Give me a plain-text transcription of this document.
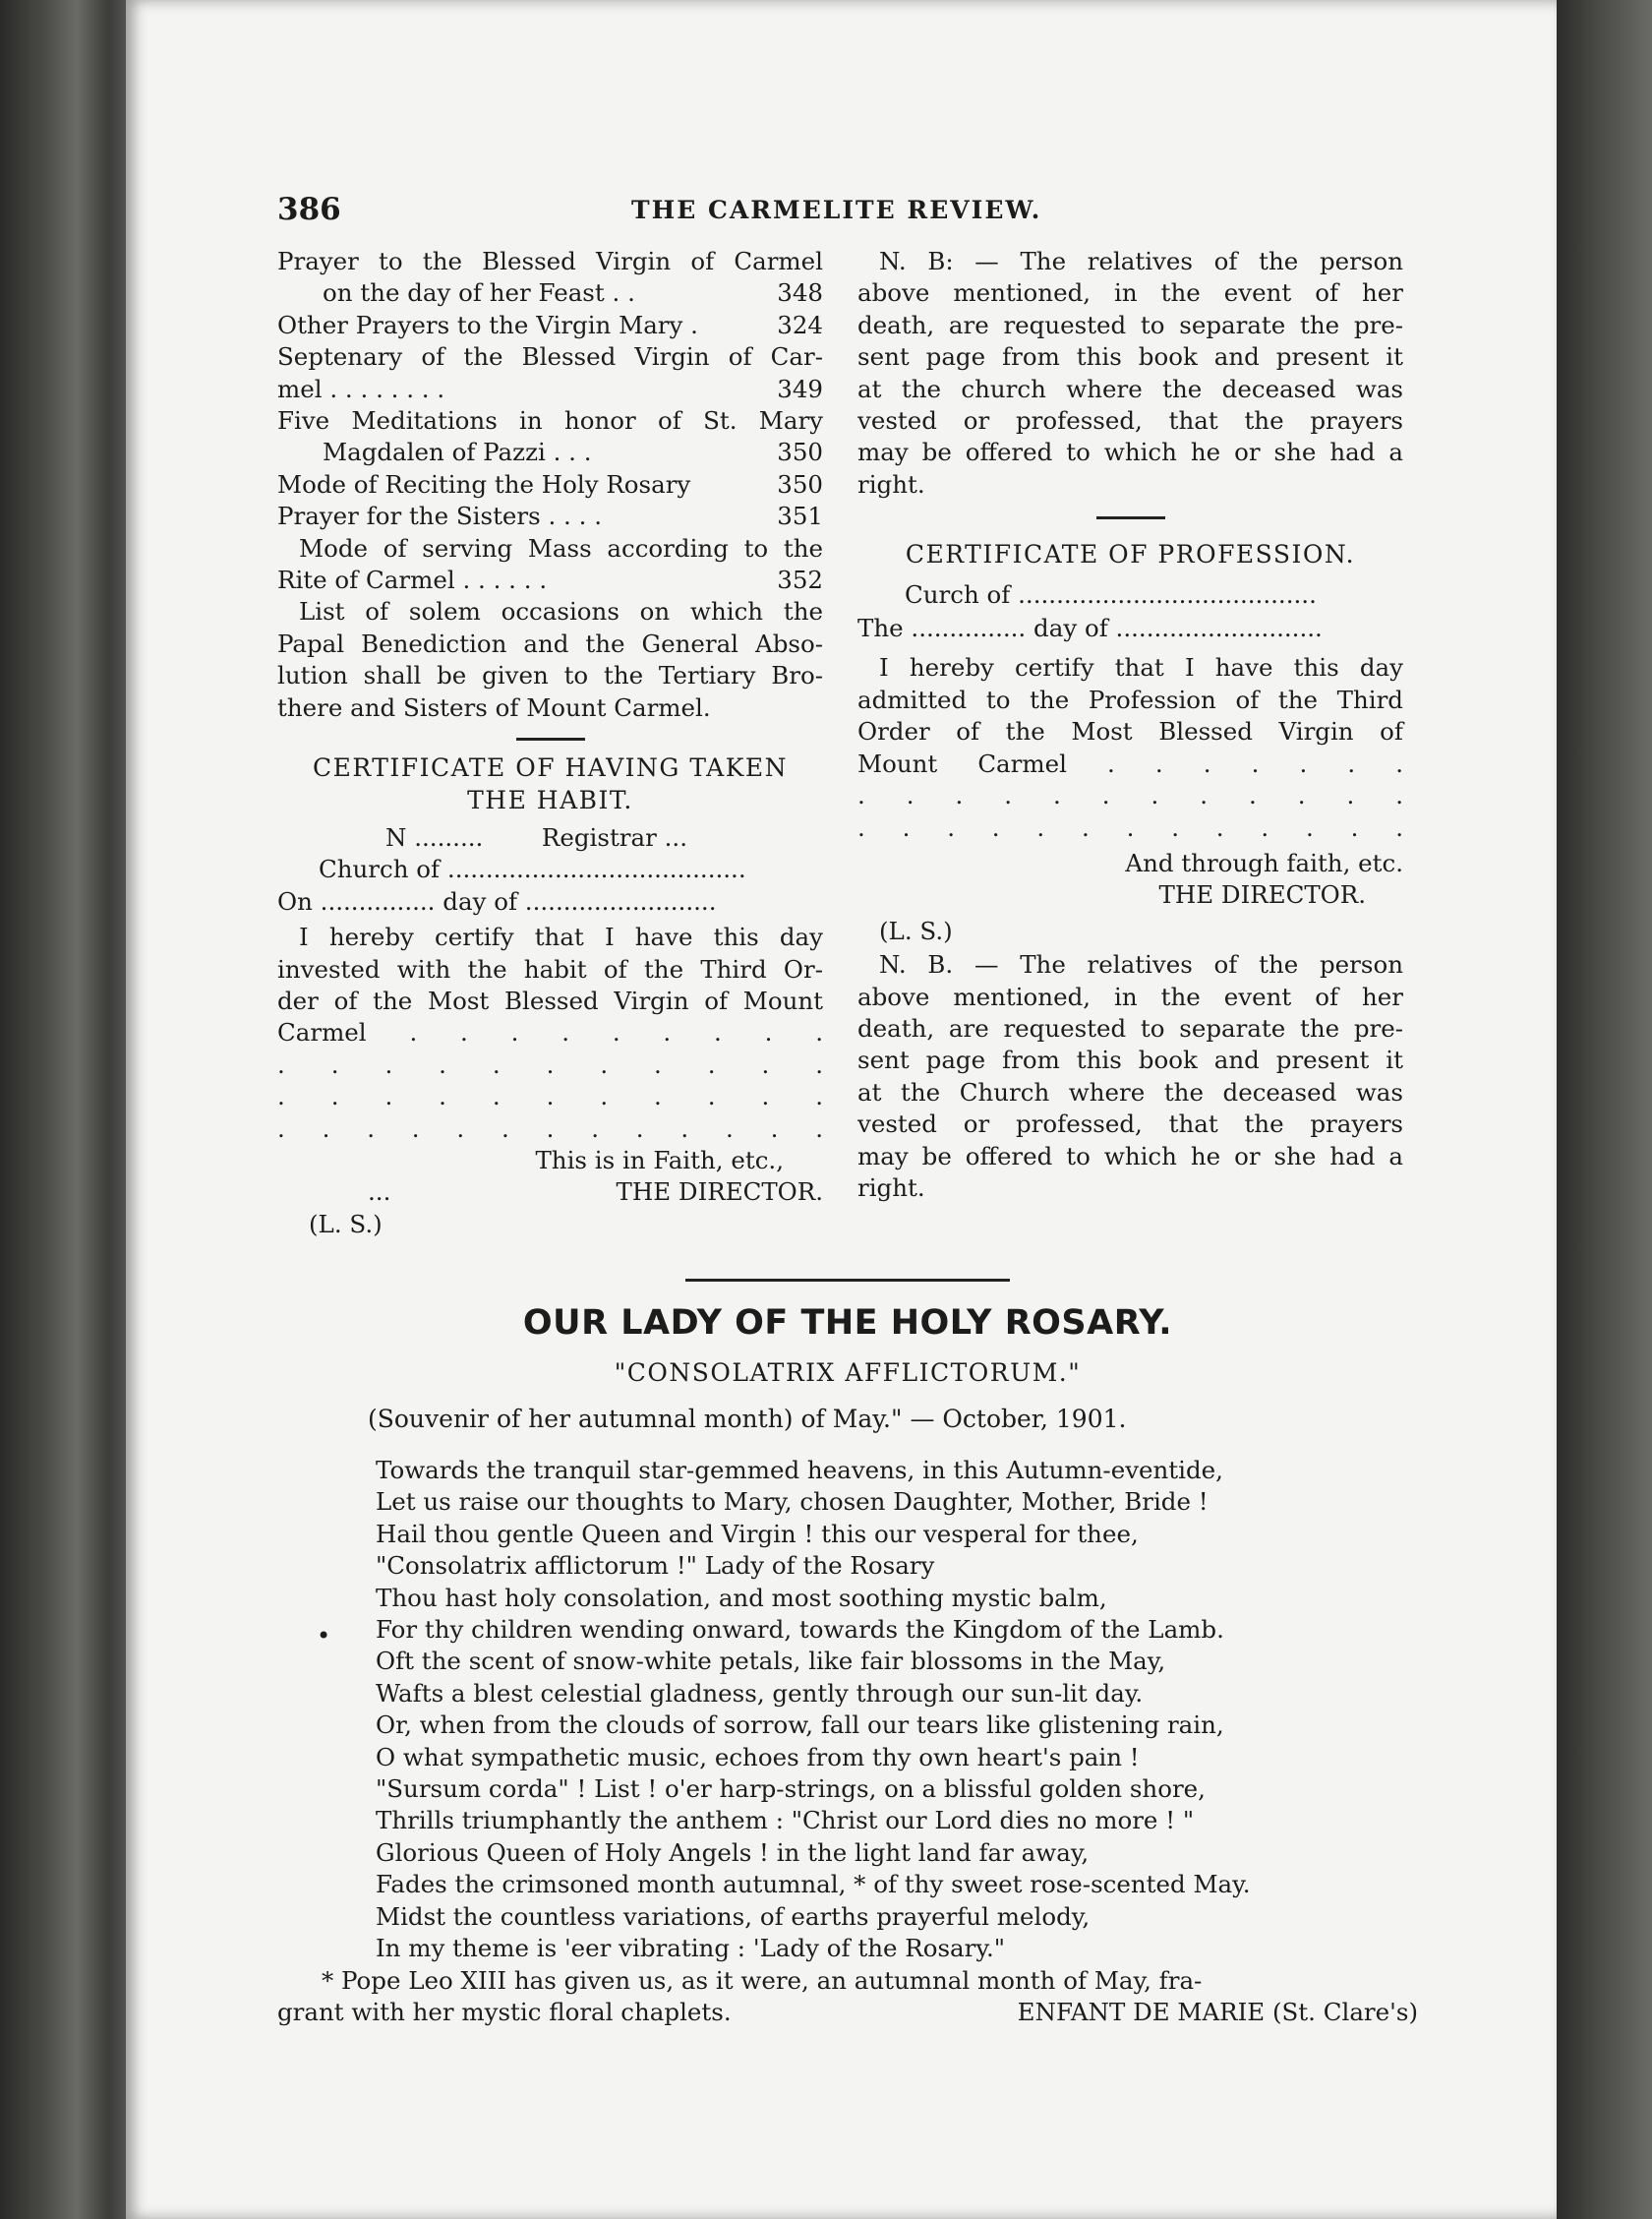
386	THE CARMELITE REVIEW.
Prayer to the Blessed Virgin of Carmel
on the day of her Feast . .	348
Other Prayers to the Virgin Mary .	324
Septenary of the Blessed Virgin of Car-
mel . . . . . . . .	349
Five Meditations in honor of St. Mary
Magdalen of Pazzi . . .	350
Mode of Reciting the Holy Rosary	350
Prayer for the Sisters . . . .	351
Mode of serving Mass according to the
Rite of Carmel . . . . . .	352
List of solem occasions on which the
Papal Benediction and the General Abso-
lution shall be given to the Tertiary Bro-
there and Sisters of Mount Carmel.
CERTIFICATE OF HAVING TAKEN
THE HABIT.
N ......... Registrar ...
Church of .......................................
On ............... day of .........................
I hereby certify that I have this day
invested with the habit of the Third Or-
der of the Most Blessed Virgin of Mount
Carmel . . . . . . . . .
. . . . . . . . . . .
. . . . . . . . . . .
. . . . . . . . . . . . .
This is in Faith, etc.,
...	THE DIRECTOR.
(L. S.)
N. B: — The relatives of the person
above mentioned, in the event of her
death, are requested to separate the pre-
sent page from this book and present it
at the church where the deceased was
vested or professed, that the prayers
may be offered to which he or she had a
right.
CERTIFICATE OF PROFESSION.
Curch of .......................................
The ............... day of ...........................
I hereby certify that I have this day
admitted to the Profession of the Third
Order of the Most Blessed Virgin of
Mount Carmel . . . . . . .
. . . . . . . . . . . .
. . . . . . . . . . . . .
And through faith, etc.
THE DIRECTOR.
(L. S.)
N. B. — The relatives of the person
above mentioned, in the event of her
death, are requested to separate the pre-
sent page from this book and present it
at the Church where the deceased was
vested or professed, that the prayers
may be offered to which he or she had a
right.
OUR LADY OF THE HOLY ROSARY.
"CONSOLATRIX AFFLICTORUM."
(Souvenir of her autumnal month) of May." — October, 1901.
•
Towards the tranquil star-gemmed heavens, in this Autumn-eventide,
Let us raise our thoughts to Mary, chosen Daughter, Mother, Bride !
Hail thou gentle Queen and Virgin ! this our vesperal for thee,
"Consolatrix afflictorum !" Lady of the Rosary
Thou hast holy consolation, and most soothing mystic balm,
For thy children wending onward, towards the Kingdom of the Lamb.
Oft the scent of snow-white petals, like fair blossoms in the May,
Wafts a blest celestial gladness, gently through our sun-lit day.
Or, when from the clouds of sorrow, fall our tears like glistening rain,
O what sympathetic music, echoes from thy own heart's pain !
"Sursum corda" ! List ! o'er harp-strings, on a blissful golden shore,
Thrills triumphantly the anthem : "Christ our Lord dies no more ! "
Glorious Queen of Holy Angels ! in the light land far away,
Fades the crimsoned month autumnal, * of thy sweet rose-scented May.
Midst the countless variations, of earths prayerful melody,
In my theme is 'eer vibrating : 'Lady of the Rosary."
* Pope Leo XIII has given us, as it were, an autumnal month of May, fra-
grant with her mystic floral chaplets.	ENFANT DE MARIE (St. Clare's)
